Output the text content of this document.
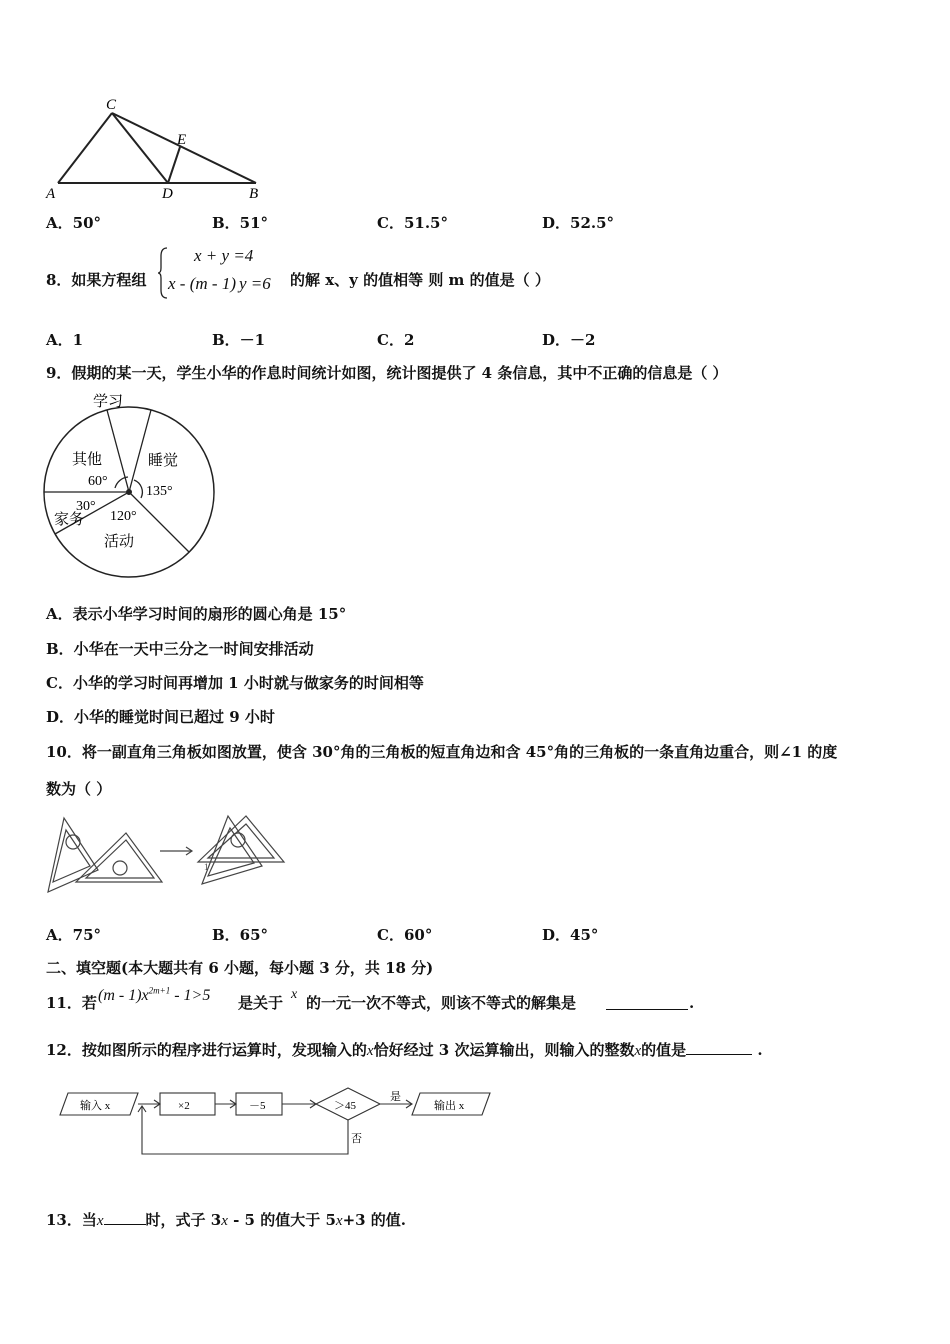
C
E
A	D	B
A．50°	B．51°	C．51.5°	D．52.5°
8．如果方程组
x + y =4
x - (m - 1) y =6 的解 x、y 的值相等 则 m 的值是（ ）
A．1	B．－1	C．2	D．－2
9．假期的某一天，学生小华的作息时间统计如图，统计图提供了 4 条信息，其中不正确的信息是（ ）
学习
其他	睡觉
家务
活动
60°
135°
30°
120°
A．表示小华学习时间的扇形的圆心角是 15°
B．小华在一天中三分之一时间安排活动
C．小华的学习时间再增加 1 小时就与做家务的时间相等
D．小华的睡觉时间已超过 9 小时
10．将一副直角三角板如图放置，使含 30°角的三角板的短直角边和含 45°角的三角板的一条直角边重合，则∠1 的度
数为（ ）
1
A．75°	B．65°	C．60°	D．45°
二、填空题(本大题共有 6 小题，每小题 3 分，共 18 分)
11．若 $(m - 1)x^{2m+1} - 1>5$ 是关于 x 的一元一次不等式，则该不等式的解集是	.
12．按如图所示的程序进行运算时，发现输入的x恰好经过 3 次运算输出，则输入的整数x的值是	.
输入 x	×2	－5	＞45
是
否
输出 x
13．当x	时，式子 3x - 5 的值大于 5x+3 的值.
